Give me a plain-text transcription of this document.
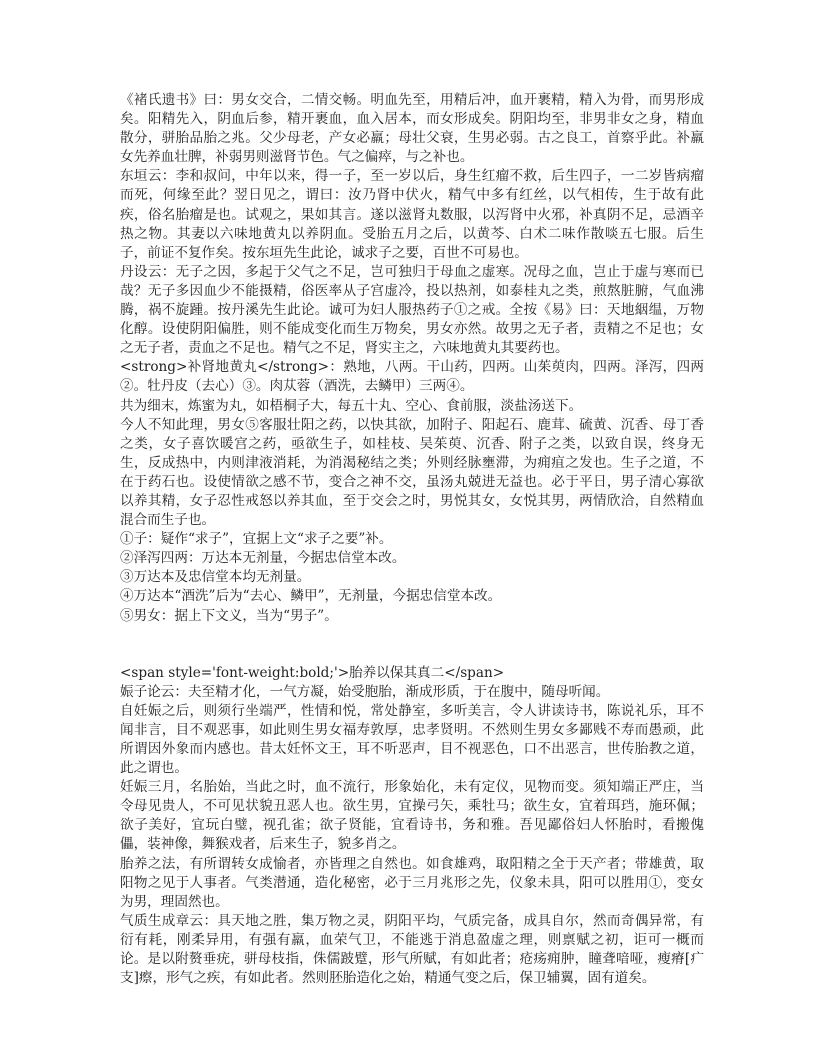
《褚氏遗书》曰：男女交合，二情交畅。明血先至，用精后冲，血开裹精，精入为骨，而男形成矣。阳精先入，阴血后参，精开裹血，血入居本，而女形成矣。阴阳均至，非男非女之身，精血散分，骈胎品胎之兆。父少母老，产女必羸；母壮父衰，生男必弱。古之良工，首察乎此。补羸女先养血壮脾，补弱男则滋肾节色。气之偏瘁，与之补也。

东垣云：李和叔问，中年以来，得一子，至一岁以后，身生红瘤不救，后生四子，一二岁皆病瘤而死，何缘至此？翌日见之，谓曰：汝乃肾中伏火，精气中多有红丝，以气相传，生于故有此疾，俗名胎瘤是也。试观之，果如其言。遂以滋肾丸数服，以泻肾中火邪，补真阴不足，忌酒辛热之物。其妻以六味地黄丸以养阴血。受胎五月之后，以黄芩、白术二味作散啖五七服。后生子，前证不复作矣。按东垣先生此论，诚求子之要，百世不可易也。

丹设云：无子之因，多起于父气之不足，岂可独归于母血之虚寒。况母之血，岂止于虚与寒而已哉？无子多因血少不能摄精，俗医率从子宫虚冷，投以热剂，如泰桂丸之类，煎熬脏腑，气血沸腾，祸不旋踵。按丹溪先生此论。诚可为妇人服热药子①之戒。全按《易》曰：天地絪缊，万物化醇。设使阴阳偏胜，则不能成变化而生万物矣，男女亦然。故男之无子者，责精之不足也；女之无子者，责血之不足也。精气之不足，肾实主之，六味地黄丸其要药也。

<strong>补肾地黄丸</strong>：熟地，八两。干山药，四两。山茱萸肉，四两。泽泻，四两②。牡丹皮（去心）③。肉苁蓉（酒洗，去鳞甲）三两④。

共为细末，炼蜜为丸，如梧桐子大，每五十丸、空心、食前服，淡盐汤送下。

今人不知此理，男女⑤客服壮阳之药，以快其欲，加附子、阳起石、鹿茸、硫黄、沉香、母丁香之类，女子喜饮暖宫之药，亟欲生子，如桂枝、吴茱萸、沉香、附子之类，以致自误，终身无生，反成热中，内则津液消耗，为消渴秘结之类；外则经脉壅滞，为痈疽之发也。生子之道，不在于药石也。设使情欲之感不节，变合之神不交，虽汤丸兢进无益也。必于平日，男子清心寡欲以养其精，女子忍性戒怒以养其血，至于交会之时，男悦其女，女悦其男，两情欣洽，自然精血混合而生子也。

①子：疑作“求子”，宜据上文“求子之要”补。

②泽泻四两：万达本无剂量，今据忠信堂本改。

③万达本及忠信堂本均无剂量。

④万达本“酒洗”后为“去心、鳞甲”，无剂量，今据忠信堂本改。

⑤男女：据上下文义，当为“男子”。

<span style='font-weight:bold;'>胎养以保其真二</span>

娠子论云：夫至精才化，一气方凝，始受胞胎，渐成形质，于在腹中，随母听闻。

自妊娠之后，则须行坐端严，性情和悦，常处静室，多听美言，令人讲读诗书，陈说礼乐，耳不闻非言，目不观恶事，如此则生男女福寿敦厚，忠孝贤明。不然则生男女多鄙贱不寿而愚顽，此所谓因外象而内感也。昔太妊怀文王，耳不听恶声，目不视恶色，口不出恶言，世传胎教之道，此之谓也。

妊娠三月，名胎始，当此之时，血不流行，形象始化，未有定仪，见物而变。须知端正严庄，当令母见贵人，不可见状貌丑恶人也。欲生男，宜操弓矢，乘牡马；欲生女，宜着珥珰，施环佩；欲子美好，宜玩白璧，视孔雀；欲子贤能，宜看诗书，务和雅。吾见鄙俗妇人怀胎时，看搬傀儡，装神像，舞猴戏者，后来生子，貌多肖之。

胎养之法，有所谓转女成愉者，亦皆理之自然也。如食雄鸡，取阳精之全于天产者；带雄黄，取阳物之见于人事者。气类潜通，造化秘密，必于三月兆形之先，仪象未具，阳可以胜用①，变女为男，理固然也。

气质生成章云：具天地之胜，集万物之灵，阴阳平均，气质完备，成具自尔，然而奇偶异常，有衍有耗，刚柔异用，有强有羸，血荣气卫，不能逃于消息盈虚之理，则禀赋之初，讵可一概而论。是以附赘垂疣，骈母枝指，侏儒跛躄，形气所赋，有如此者；疮疡痈肿，瞳聋喑哑，瘦瘠[疒支]瘵，形气之疾，有如此者。然则胚胎造化之始，精通气变之后，保卫辅翼，固有道矣。
